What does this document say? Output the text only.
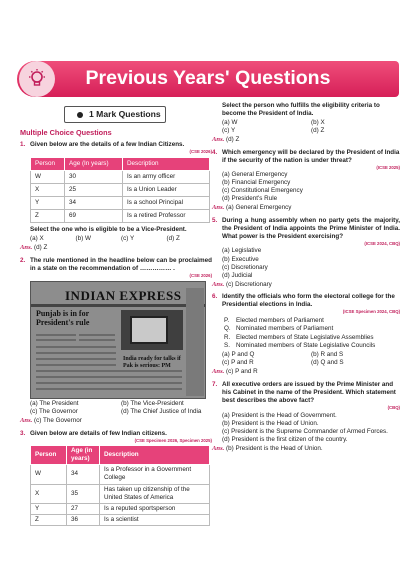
Previous Years' Questions
1 Mark Questions
Multiple Choice Questions
1. Given below are the details of a few Indian Citizens.
(CSE 2026)
Person	Age (In years)	Description
W	30	Is an army officer
X	25	Is a Union Leader
Y	34	Is a school Principal
Z	69	Is a retired Professor
Select the one who is eligible to be a Vice-President.
(a) X	(b) W	(c) Y	(d) Z
Ans. (d) Z
2. The rule mentioned in the headline below can be proclaimed in a state on the recommendation of …………… .
(CSE 2026)
INDIAN EXPRESS
Punjab is in for President's rule
India ready for talks if Pak is serious: PM
(a) The President	(b) The Vice-President
(c) The Governor	(d) The Chief Justice of India
Ans. (c) The Governor
3. Given below are details of few Indian citizens.
(CSE Specimen 2026, Specimen 2025)
Person	Age (in years)	Description
W	34	Is a Professor in a Government College
X	35	Has taken up citizenship of the United States of America
Y	27	Is a reputed sportsperson
Z	36	Is a scientist
Select the person who fulfills the eligibility criteria to become the President of India.
(a) W	(b) X
(c) Y	(d) Z
Ans. (d) Z
4. Which emergency will be declared by the President of India if the security of the nation is under threat?
(ICSE 2025)
(a) General Emergency
(b) Financial Emergency
(c) Constitutional Emergency
(d) President's Rule
Ans. (a) General Emergency
5. During a hung assembly when no party gets the majority, the President of India appoints the Prime Minister of India. What power is the President exercising?
(ICSE 2024, CBQ)
(a) Legislative
(b) Executive
(c) Discretionary
(d) Judicial
Ans. (c) Discretionary
6. Identify the officials who form the electoral college for the Presidential elections in India.
(ICSE Specimen 2024, CBQ)
P.	Elected members of Parliament
Q. Nominated members of Parliament
R. Elected members of State Legislative Assemblies
S. Nominated members of State Legislative Councils
(a) P and Q	(b) R and S
(c) P and R	(d) Q and S
Ans. (c) P and R
7. All executive orders are issued by the Prime Minister and his Cabinet in the name of the President. Which statement best describes the above fact?
(CBQ)
(a) President is the Head of Government.
(b) President is the Head of Union.
(c) President is the Supreme Commander of Armed Forces.
(d) President is the first citizen of the country.
Ans. (b) President is the Head of Union.
